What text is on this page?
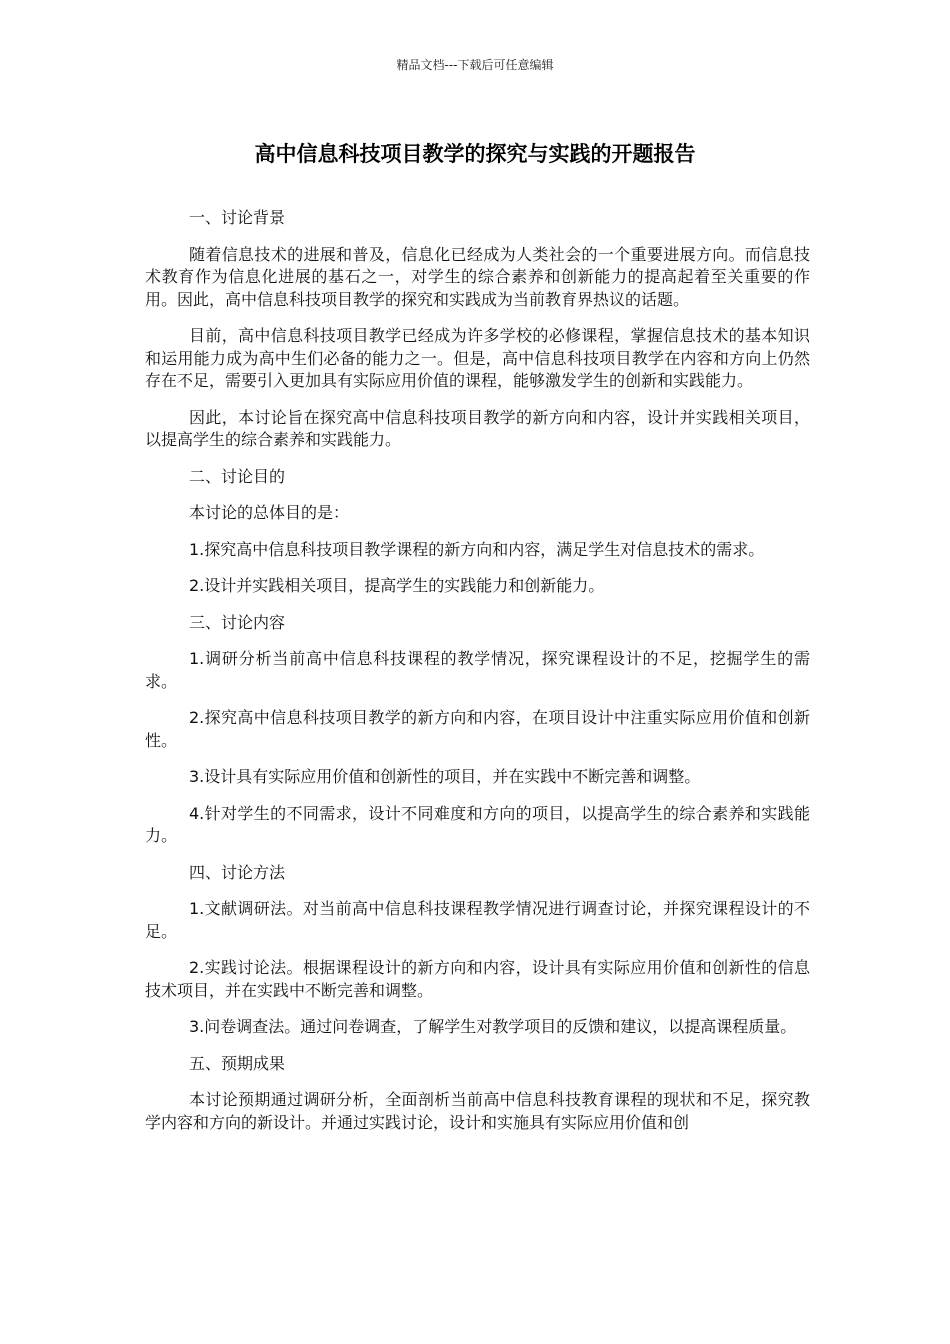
精品文档---下载后可任意编辑
高中信息科技项目教学的探究与实践的开题报告

一、讨论背景

随着信息技术的进展和普及，信息化已经成为人类社会的一个重要进展方向。而信息技术教育作为信息化进展的基石之一，对学生的综合素养和创新能力的提高起着至关重要的作用。因此，高中信息科技项目教学的探究和实践成为当前教育界热议的话题。

目前，高中信息科技项目教学已经成为许多学校的必修课程，掌握信息技术的基本知识和运用能力成为高中生们必备的能力之一。但是，高中信息科技项目教学在内容和方向上仍然存在不足，需要引入更加具有实际应用价值的课程，能够激发学生的创新和实践能力。

因此，本讨论旨在探究高中信息科技项目教学的新方向和内容，设计并实践相关项目，以提高学生的综合素养和实践能力。

二、讨论目的

本讨论的总体目的是：

1.探究高中信息科技项目教学课程的新方向和内容，满足学生对信息技术的需求。

2.设计并实践相关项目，提高学生的实践能力和创新能力。

三、讨论内容

1.调研分析当前高中信息科技课程的教学情况，探究课程设计的不足，挖掘学生的需求。

2.探究高中信息科技项目教学的新方向和内容，在项目设计中注重实际应用价值和创新性。

3.设计具有实际应用价值和创新性的项目，并在实践中不断完善和调整。

4.针对学生的不同需求，设计不同难度和方向的项目，以提高学生的综合素养和实践能力。

四、讨论方法

1.文献调研法。对当前高中信息科技课程教学情况进行调查讨论，并探究课程设计的不足。

2.实践讨论法。根据课程设计的新方向和内容，设计具有实际应用价值和创新性的信息技术项目，并在实践中不断完善和调整。

3.问卷调查法。通过问卷调查，了解学生对教学项目的反馈和建议，以提高课程质量。

五、预期成果

本讨论预期通过调研分析，全面剖析当前高中信息科技教育课程的现状和不足，探究教学内容和方向的新设计。并通过实践讨论，设计和实施具有实际应用价值和创
